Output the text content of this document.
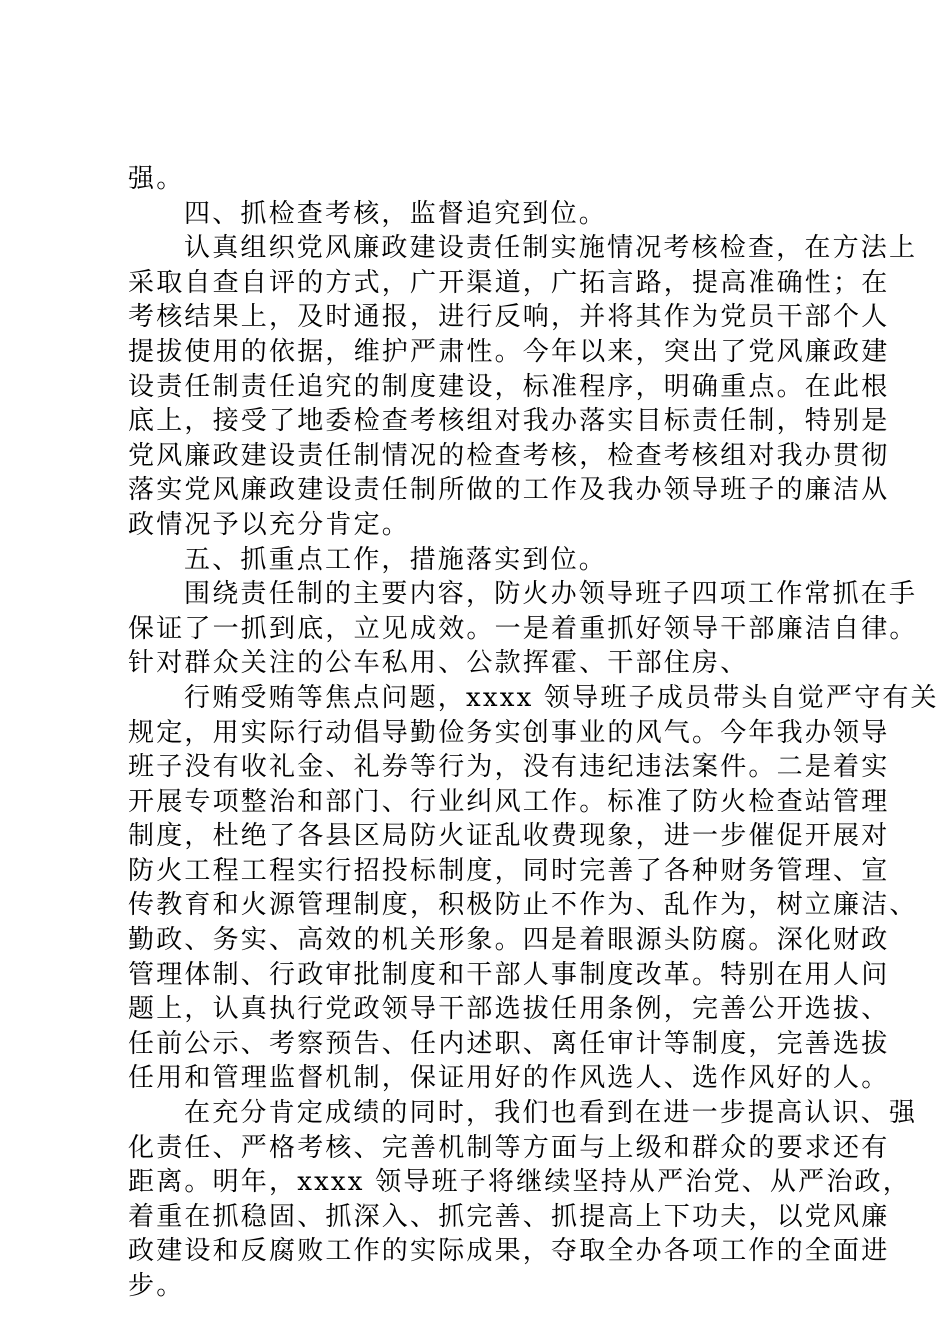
强。
四、抓检查考核，监督追究到位。
认真组织党风廉政建设责任制实施情况考核检查，在方法上
采取自查自评的方式，广开渠道，广拓言路，提高准确性；在
考核结果上，及时通报，进行反响，并将其作为党员干部个人
提拔使用的依据，维护严肃性。今年以来，突出了党风廉政建
设责任制责任追究的制度建设，标准程序，明确重点。在此根
底上，接受了地委检查考核组对我办落实目标责任制，特别是
党风廉政建设责任制情况的检查考核，检查考核组对我办贯彻
落实党风廉政建设责任制所做的工作及我办领导班子的廉洁从
政情况予以充分肯定。
五、抓重点工作，措施落实到位。
围绕责任制的主要内容，防火办领导班子四项工作常抓在手
保证了一抓到底，立见成效。一是着重抓好领导干部廉洁自律。
针对群众关注的公车私用、公款挥霍、干部住房、
行贿受贿等焦点问题，xxxx 领导班子成员带头自觉严守有关
规定，用实际行动倡导勤俭务实创事业的风气。今年我办领导
班子没有收礼金、礼券等行为，没有违纪违法案件。二是着实
开展专项整治和部门、行业纠风工作。标准了防火检查站管理
制度，杜绝了各县区局防火证乱收费现象，进一步催促开展对
防火工程工程实行招投标制度，同时完善了各种财务管理、宣
传教育和火源管理制度，积极防止不作为、乱作为，树立廉洁、
勤政、务实、高效的机关形象。四是着眼源头防腐。深化财政
管理体制、行政审批制度和干部人事制度改革。特别在用人问
题上，认真执行党政领导干部选拔任用条例，完善公开选拔、
任前公示、考察预告、任内述职、离任审计等制度，完善选拔
任用和管理监督机制，保证用好的作风选人、选作风好的人。
在充分肯定成绩的同时，我们也看到在进一步提高认识、强
化责任、严格考核、完善机制等方面与上级和群众的要求还有
距离。明年，xxxx 领导班子将继续坚持从严治党、从严治政，
着重在抓稳固、抓深入、抓完善、抓提高上下功夫，以党风廉
政建设和反腐败工作的实际成果，夺取全办各项工作的全面进
步。
